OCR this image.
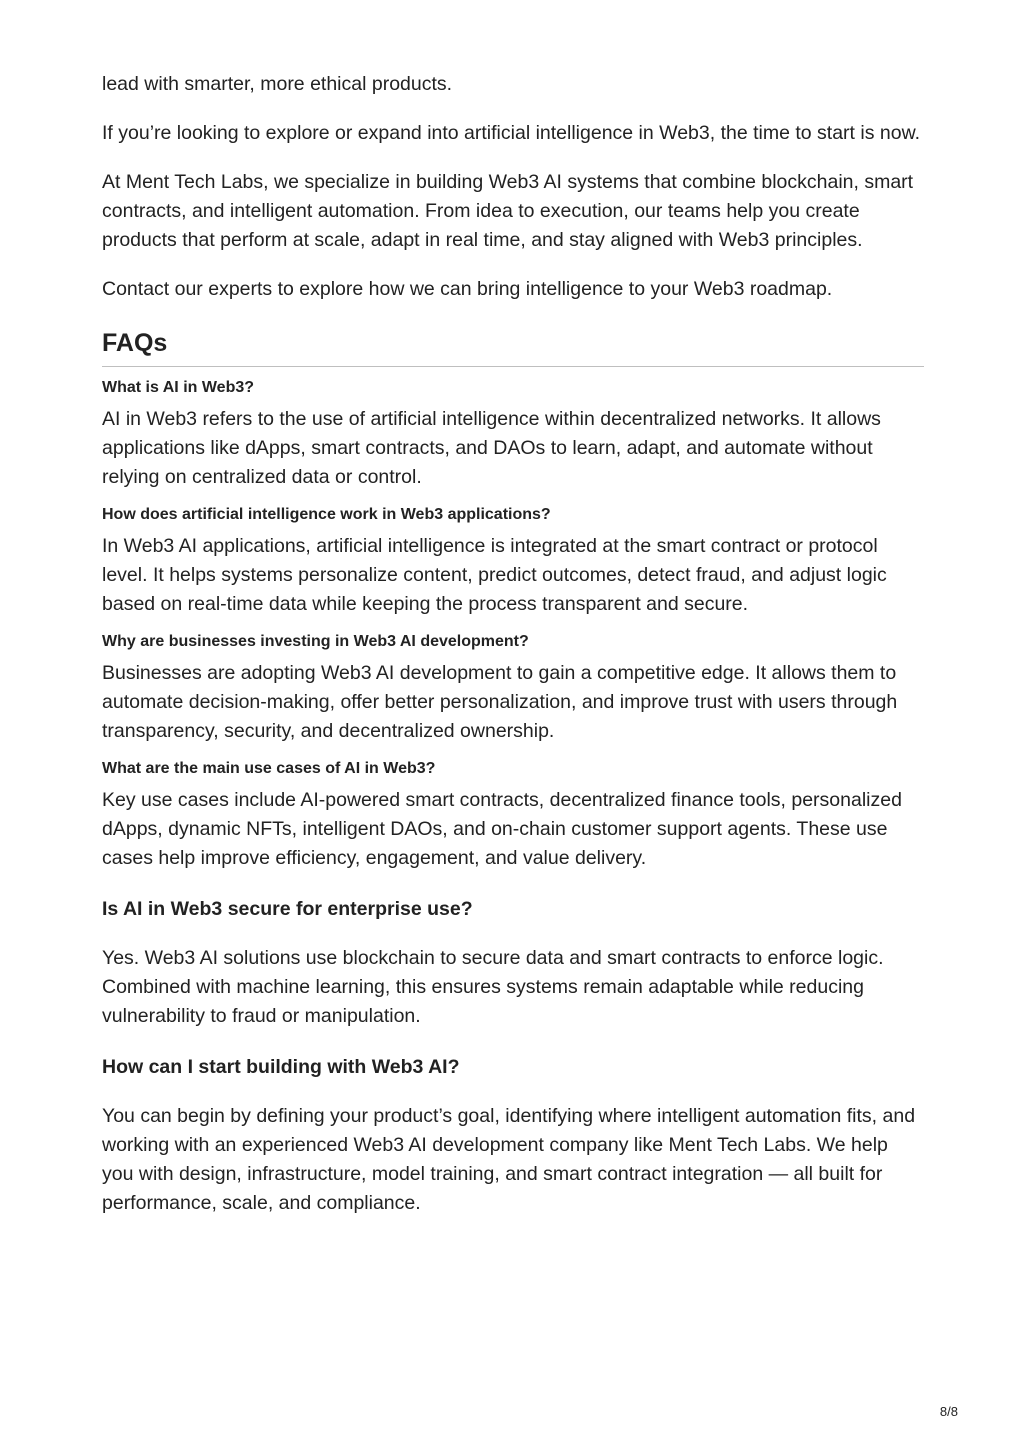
lead with smarter, more ethical products.

If you’re looking to explore or expand into artificial intelligence in Web3, the time to start is now.

At Ment Tech Labs, we specialize in building Web3 AI systems that combine blockchain, smart contracts, and intelligent automation. From idea to execution, our teams help you create products that perform at scale, adapt in real time, and stay aligned with Web3 principles.

Contact our experts to explore how we can bring intelligence to your Web3 roadmap.

FAQs
What is AI in Web3?
AI in Web3 refers to the use of artificial intelligence within decentralized networks. It allows applications like dApps, smart contracts, and DAOs to learn, adapt, and automate without relying on centralized data or control.
How does artificial intelligence work in Web3 applications?
In Web3 AI applications, artificial intelligence is integrated at the smart contract or protocol level. It helps systems personalize content, predict outcomes, detect fraud, and adjust logic based on real-time data while keeping the process transparent and secure.
Why are businesses investing in Web3 AI development?
Businesses are adopting Web3 AI development to gain a competitive edge. It allows them to automate decision-making, offer better personalization, and improve trust with users through transparency, security, and decentralized ownership.
What are the main use cases of AI in Web3?
Key use cases include AI-powered smart contracts, decentralized finance tools, personalized dApps, dynamic NFTs, intelligent DAOs, and on-chain customer support agents. These use cases help improve efficiency, engagement, and value delivery.
Is AI in Web3 secure for enterprise use?
Yes. Web3 AI solutions use blockchain to secure data and smart contracts to enforce logic. Combined with machine learning, this ensures systems remain adaptable while reducing vulnerability to fraud or manipulation.
How can I start building with Web3 AI?
You can begin by defining your product’s goal, identifying where intelligent automation fits, and working with an experienced Web3 AI development company like Ment Tech Labs. We help you with design, infrastructure, model training, and smart contract integration — all built for performance, scale, and compliance.
8/8
